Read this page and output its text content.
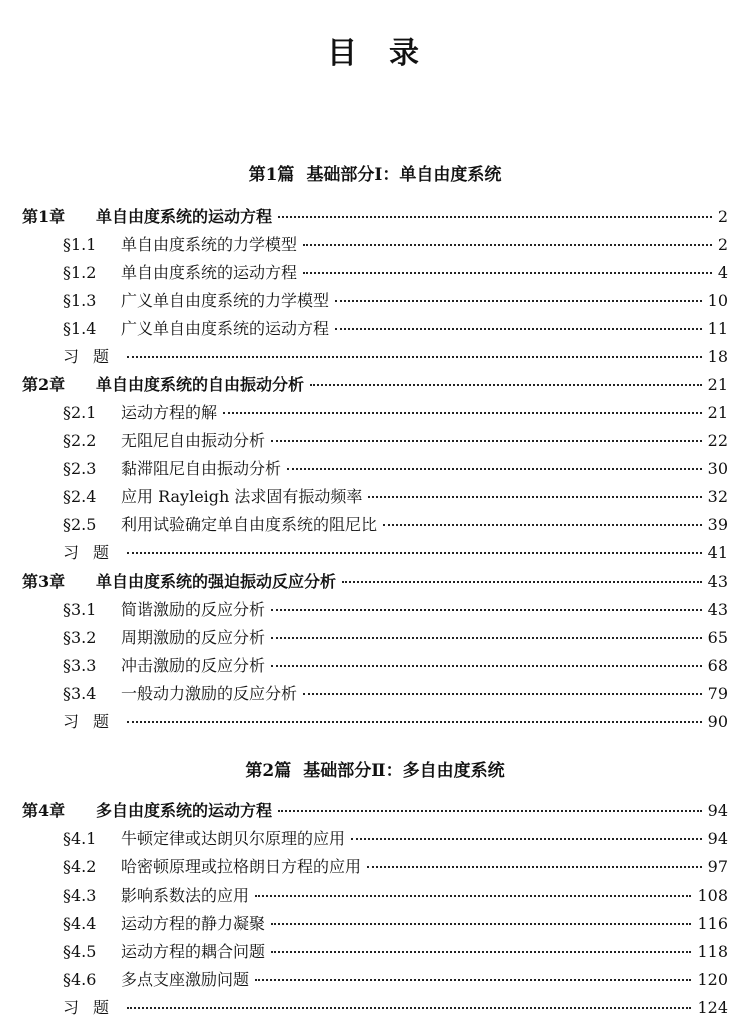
目 录
第1篇 基础部分Ⅰ：单自由度系统
第1章	单自由度系统的运动方程	2
§1.1	单自由度系统的力学模型	2
§1.2	单自由度系统的运动方程	4
§1.3	广义单自由度系统的力学模型	10
§1.4	广义单自由度系统的运动方程	11
习题	18
第2章	单自由度系统的自由振动分析	21
§2.1	运动方程的解	21
§2.2	无阻尼自由振动分析	22
§2.3	黏滞阻尼自由振动分析	30
§2.4	应用 Rayleigh 法求固有振动频率	32
§2.5	利用试验确定单自由度系统的阻尼比	39
习题	41
第3章	单自由度系统的强迫振动反应分析	43
§3.1	简谐激励的反应分析	43
§3.2	周期激励的反应分析	65
§3.3	冲击激励的反应分析	68
§3.4	一般动力激励的反应分析	79
习题	90
第2篇 基础部分Ⅱ：多自由度系统
第4章	多自由度系统的运动方程	94
§4.1	牛顿定律或达朗贝尔原理的应用	94
§4.2	哈密顿原理或拉格朗日方程的应用	97
§4.3	影响系数法的应用	108
§4.4	运动方程的静力凝聚	116
§4.5	运动方程的耦合问题	118
§4.6	多点支座激励问题	120
习题	124
